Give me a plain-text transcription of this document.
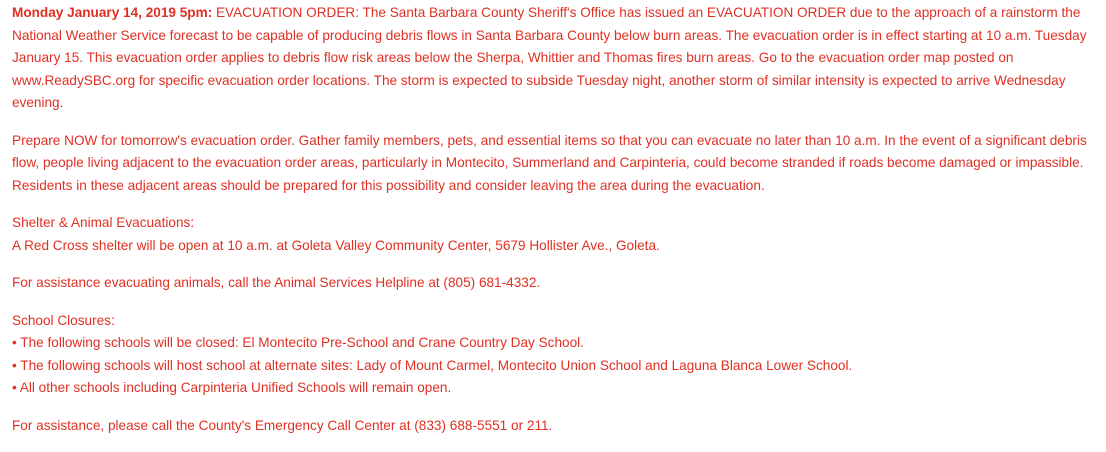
Monday January 14, 2019 5pm: EVACUATION ORDER: The Santa Barbara County Sheriff's Office has issued an EVACUATION ORDER due to the approach of a rainstorm the National Weather Service forecast to be capable of producing debris flows in Santa Barbara County below burn areas. The evacuation order is in effect starting at 10 a.m. Tuesday January 15. This evacuation order applies to debris flow risk areas below the Sherpa, Whittier and Thomas fires burn areas. Go to the evacuation order map posted on www.ReadySBC.org for specific evacuation order locations. The storm is expected to subside Tuesday night, another storm of similar intensity is expected to arrive Wednesday evening.

Prepare NOW for tomorrow's evacuation order. Gather family members, pets, and essential items so that you can evacuate no later than 10 a.m. In the event of a significant debris flow, people living adjacent to the evacuation order areas, particularly in Montecito, Summerland and Carpinteria, could become stranded if roads become damaged or impassible. Residents in these adjacent areas should be prepared for this possibility and consider leaving the area during the evacuation.

Shelter & Animal Evacuations:
A Red Cross shelter will be open at 10 a.m. at Goleta Valley Community Center, 5679 Hollister Ave., Goleta.

For assistance evacuating animals, call the Animal Services Helpline at (805) 681-4332.

School Closures:
• The following schools will be closed: El Montecito Pre-School and Crane Country Day School.
• The following schools will host school at alternate sites: Lady of Mount Carmel, Montecito Union School and Laguna Blanca Lower School.
• All other schools including Carpinteria Unified Schools will remain open.

For assistance, please call the County's Emergency Call Center at (833) 688-5551 or 211.
